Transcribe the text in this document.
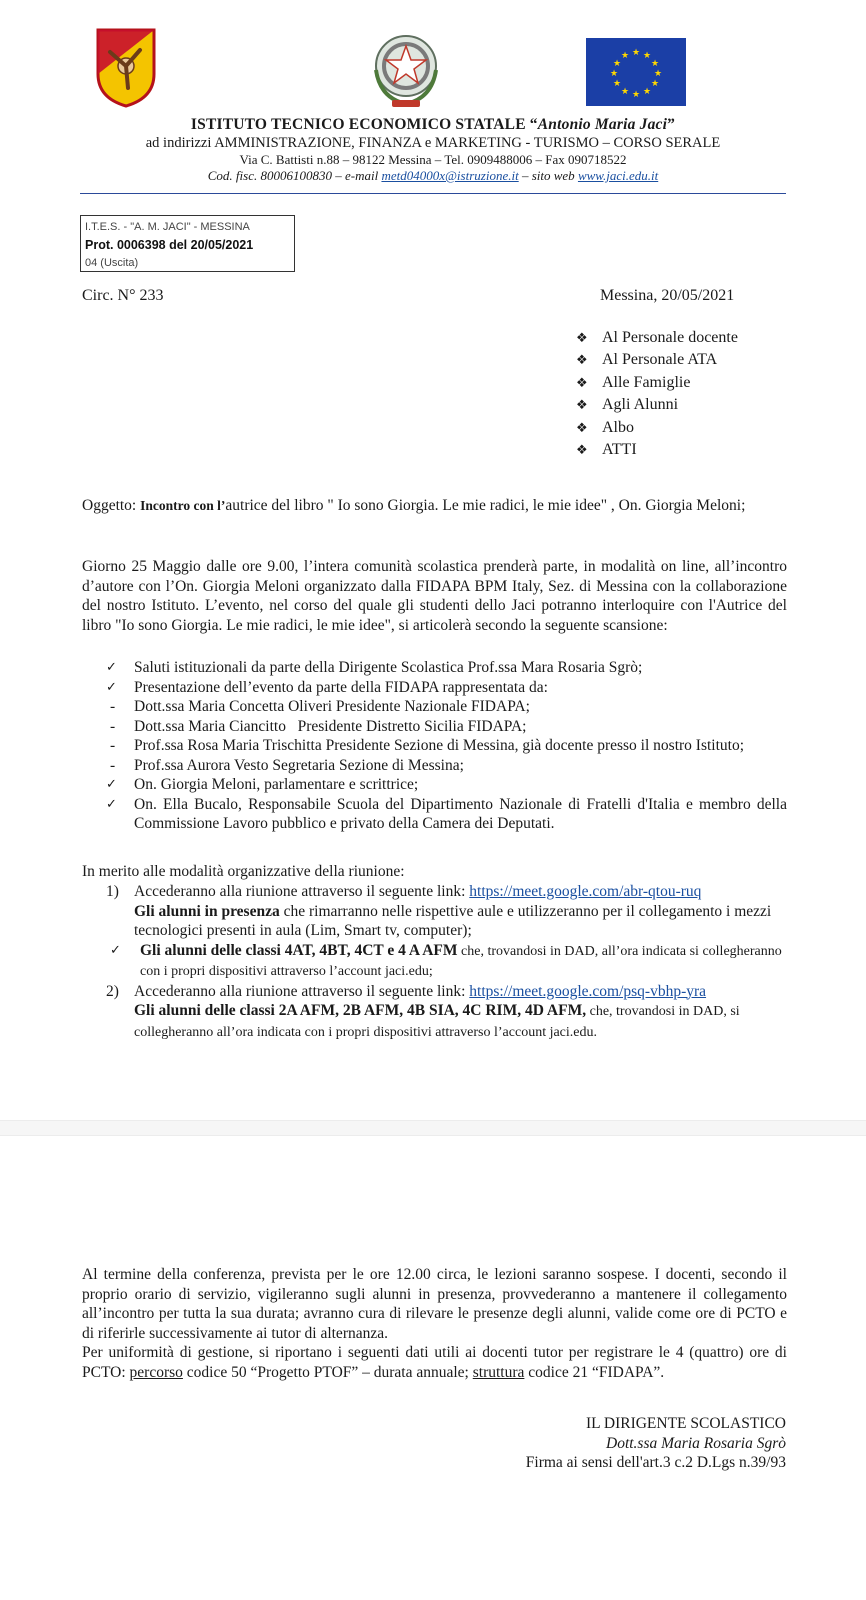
★ ★
★
★
★
★
★
★
★
★
★
★
ISTITUTO TECNICO ECONOMICO STATALE “Antonio Maria Jaci”
ad indirizzi AMMINISTRAZIONE, FINANZA e MARKETING - TURISMO – CORSO SERALE
Via C. Battisti n.88 – 98122 Messina – Tel. 0909488006 – Fax 090718522
Cod. fisc. 80006100830 – e-mail metd04000x@istruzione.it – sito web www.jaci.edu.it
I.T.E.S. - "A. M. JACI" - MESSINA
Prot. 0006398 del 20/05/2021
04 (Uscita)
Circ. N° 233	Messina, 20/05/2021
❖ Al Personale docente
❖ Al Personale ATA
❖ Alle Famiglie
❖ Agli Alunni
❖ Albo
❖ ATTI
Oggetto: Incontro con l’autrice del libro " Io sono Giorgia. Le mie radici, le mie idee" , On. Giorgia Meloni;
Giorno 25 Maggio dalle ore 9.00, l’intera comunità scolastica prenderà parte, in modalità on line, all’incontro d’autore con l’On. Giorgia Meloni organizzato dalla FIDAPA BPM Italy, Sez. di Messina con la collaborazione del nostro Istituto. L’evento, nel corso del quale gli studenti dello Jaci potranno interloquire con l'Autrice del libro "Io sono Giorgia. Le mie radici, le mie idee", si articolerà secondo la seguente scansione:
✓ Saluti istituzionali da parte della Dirigente Scolastica Prof.ssa Mara Rosaria Sgrò;
✓ Presentazione dell’evento da parte della FIDAPA rappresentata da:
- Dott.ssa Maria Concetta Oliveri Presidente Nazionale FIDAPA;
- Dott.ssa Maria Ciancitto   Presidente Distretto Sicilia FIDAPA;
- Prof.ssa Rosa Maria Trischitta Presidente Sezione di Messina, già docente presso il nostro Istituto;
- Prof.ssa Aurora Vesto Segretaria Sezione di Messina;
✓ On. Giorgia Meloni, parlamentare e scrittrice;
✓ On. Ella Bucalo, Responsabile Scuola del Dipartimento Nazionale di Fratelli d'Italia e membro della Commissione Lavoro pubblico e privato della Camera dei Deputati.
In merito alle modalità organizzative della riunione:
1) Accederanno alla riunione attraverso il seguente link: https://meet.google.com/abr-qtou-ruq
Gli alunni in presenza che rimarranno nelle rispettive aule e utilizzeranno per il collegamento i mezzi tecnologici presenti in aula (Lim, Smart tv, computer);
✓ Gli alunni delle classi 4AT, 4BT, 4CT e 4 A AFM che, trovandosi in DAD, all’ora indicata si collegheranno con i propri dispositivi attraverso l’account jaci.edu;
2) Accederanno alla riunione attraverso il seguente link: https://meet.google.com/psq-vbhp-yra
Gli alunni delle classi 2A AFM, 2B AFM, 4B SIA, 4C RIM, 4D AFM, che, trovandosi in DAD, si collegheranno all’ora indicata con i propri dispositivi attraverso l’account jaci.edu.
Al termine della conferenza, prevista per le ore 12.00 circa, le lezioni saranno sospese. I docenti, secondo il proprio orario di servizio, vigileranno sugli alunni in presenza, provvederanno a mantenere il collegamento all’incontro per tutta la sua durata; avranno cura di rilevare le presenze degli alunni, valide come ore di PCTO e di riferirle successivamente ai tutor di alternanza.
Per uniformità di gestione, si riportano i seguenti dati utili ai docenti tutor per registrare le 4 (quattro) ore di PCTO: percorso codice 50 “Progetto PTOF” – durata annuale; struttura codice 21 “FIDAPA”.
IL DIRIGENTE SCOLASTICO
Dott.ssa Maria Rosaria Sgrò
Firma ai sensi dell'art.3 c.2 D.Lgs n.39/93
